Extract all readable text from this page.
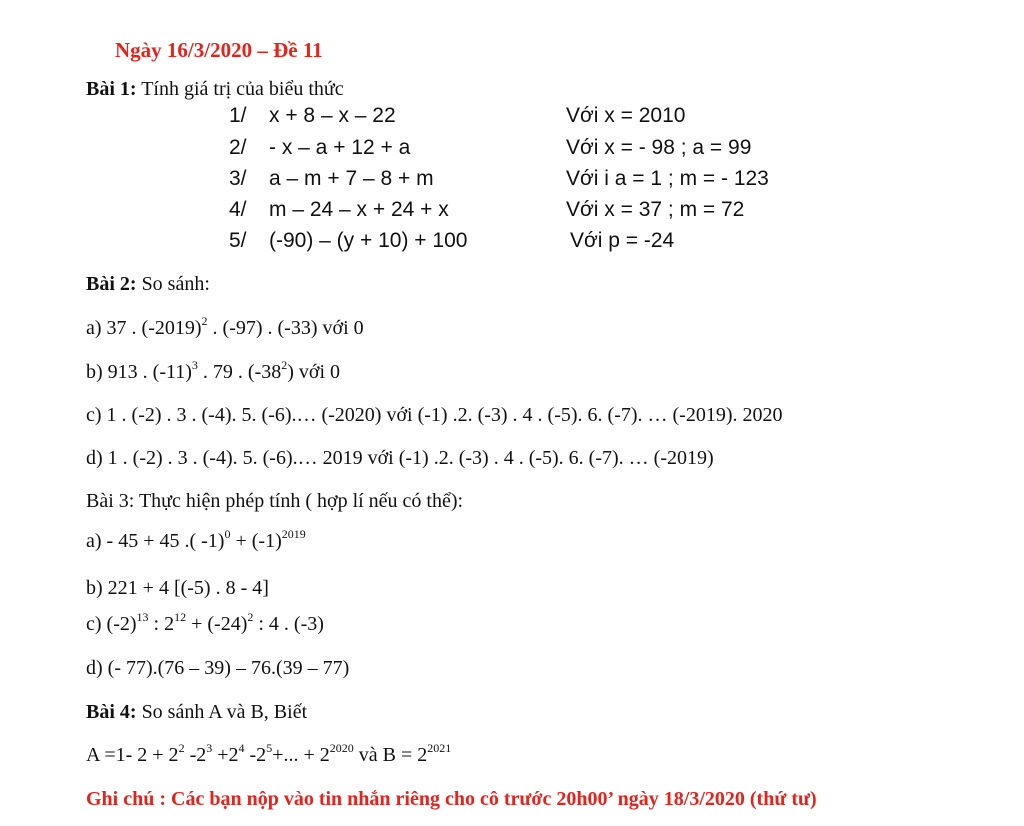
Ngày 16/3/2020 – Đề 11
Bài 1: Tính giá trị của biểu thức
1/ x + 8 – x – 22	Với x = 2010
2/ - x – a + 12 + a	Với x = - 98 ; a = 99
3/ a – m + 7 – 8 + m	Với i a = 1 ; m = - 123
4/ m – 24 – x + 24 + x	Với x = 37 ; m = 72
5/ (-90) – (y + 10) + 100	Với p = -24
Bài 2: So sánh:
a) 37 . $(-2019)^2$ . (-97) . (-33) với 0
b) 913 . $(-11)^3$ . 79 . $(-38^2)$ với 0
c) 1 . (-2) . 3 . (-4). 5. (-6).… (-2020) với (-1) .2. (-3) . 4 . (-5). 6. (-7). … (-2019). 2020
d) 1 . (-2) . 3 . (-4). 5. (-6).… 2019 với (-1) .2. (-3) . 4 . (-5). 6. (-7). … (-2019)
Bài 3: Thực hiện phép tính ( hợp lí nếu có thể):
a) - 45 + 45 .( $-1)^0 + (-1)^{2019}$
b) 221 + 4 [(-5) . 8 - 4]
c) $(-2)^{13}$ : $2^{12} + (-24)^2$ : 4 . (-3)
d) (- 77).(76 – 39) – 76.(39 – 77)
Bài 4: So sánh A và B, Biết
A =1- $2 + 2^2$ $-2^3 +2^4$ $-2^5+$... + $2^{2020}$ và $B = 2^{2021}$
Ghi chú : Các bạn nộp vào tin nhắn riêng cho cô trước 20h00’ ngày 18/3/2020 (thứ tư)
